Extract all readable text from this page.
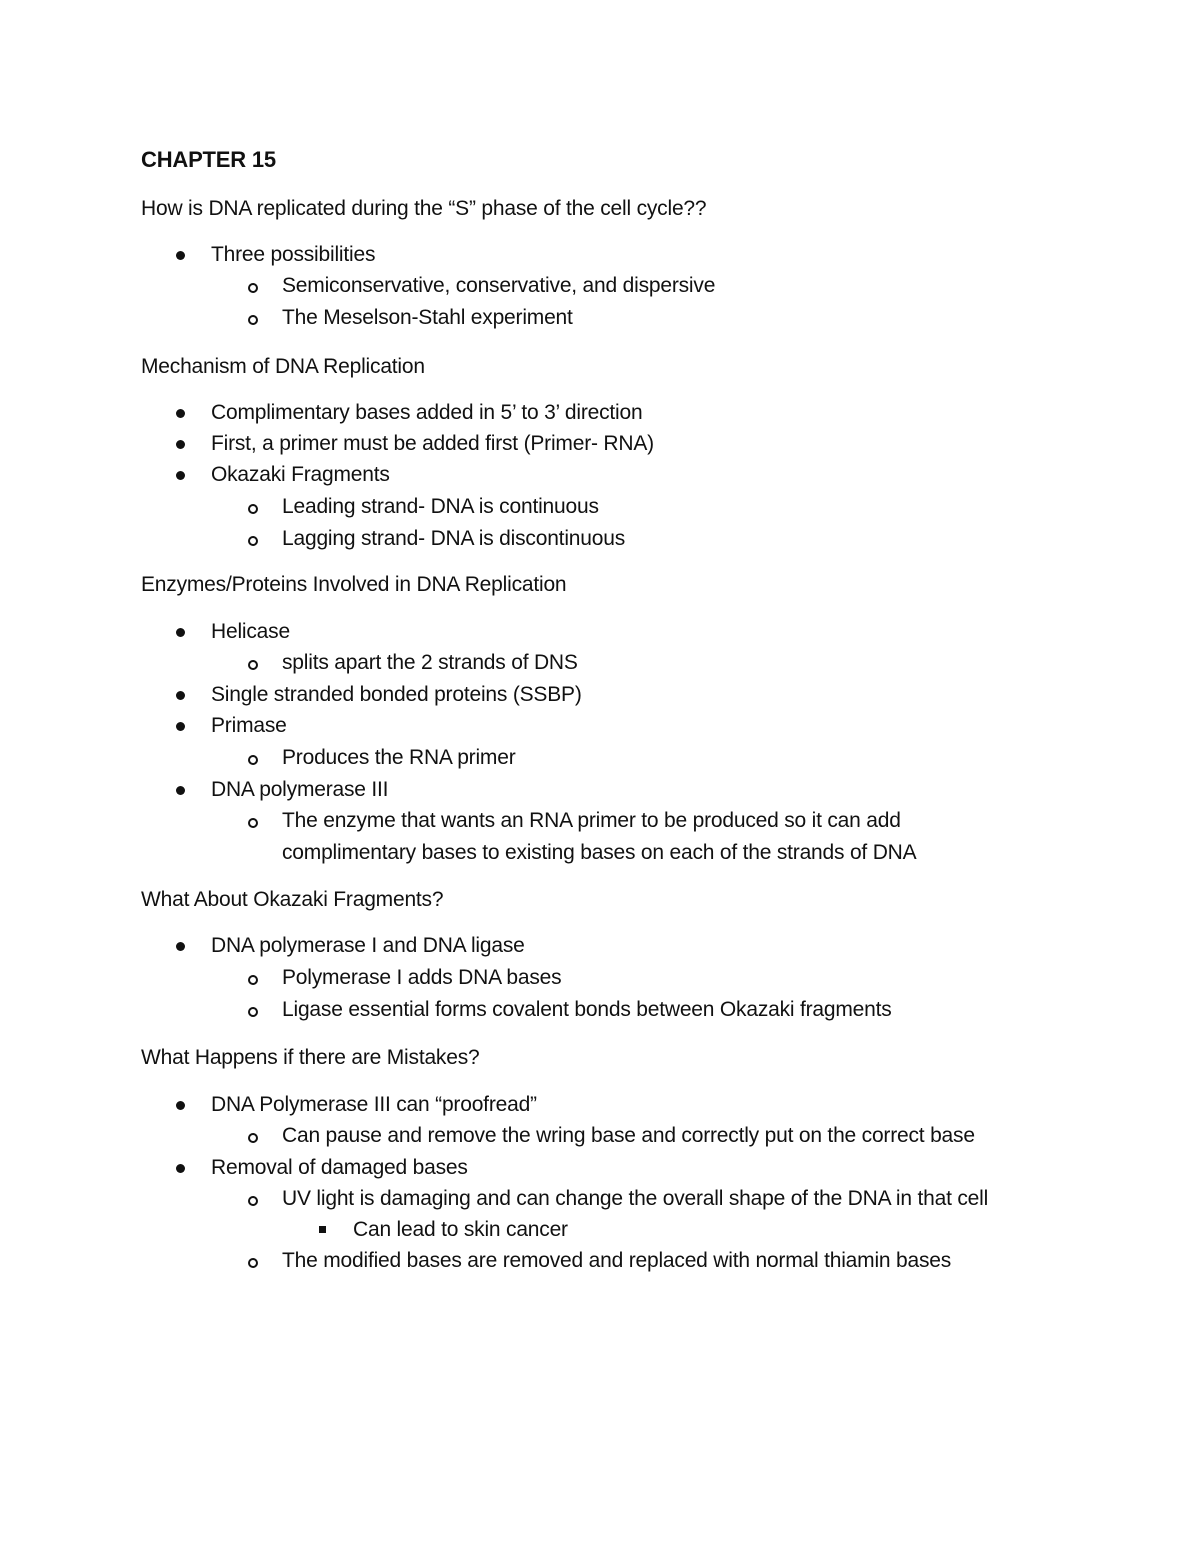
CHAPTER 15
How is DNA replicated during the “S” phase of the cell cycle??
Three possibilities
Semiconservative, conservative, and dispersive
The Meselson-Stahl experiment
Mechanism of DNA Replication
Complimentary bases added in 5’ to 3’ direction
First, a primer must be added first (Primer- RNA)
Okazaki Fragments
Leading strand- DNA is continuous
Lagging strand- DNA is discontinuous
Enzymes/Proteins Involved in DNA Replication
Helicase
splits apart the 2 strands of DNS
Single stranded bonded proteins (SSBP)
Primase
Produces the RNA primer
DNA polymerase III
The enzyme that wants an RNA primer to be produced so it can add
complimentary bases to existing bases on each of the strands of DNA
What About Okazaki Fragments?
DNA polymerase I and DNA ligase
Polymerase I adds DNA bases
Ligase essential forms covalent bonds between Okazaki fragments
What Happens if there are Mistakes?
DNA Polymerase III can “proofread”
Can pause and remove the wring base and correctly put on the correct base
Removal of damaged bases
UV light is damaging and can change the overall shape of the DNA in that cell
Can lead to skin cancer
The modified bases are removed and replaced with normal thiamin bases
